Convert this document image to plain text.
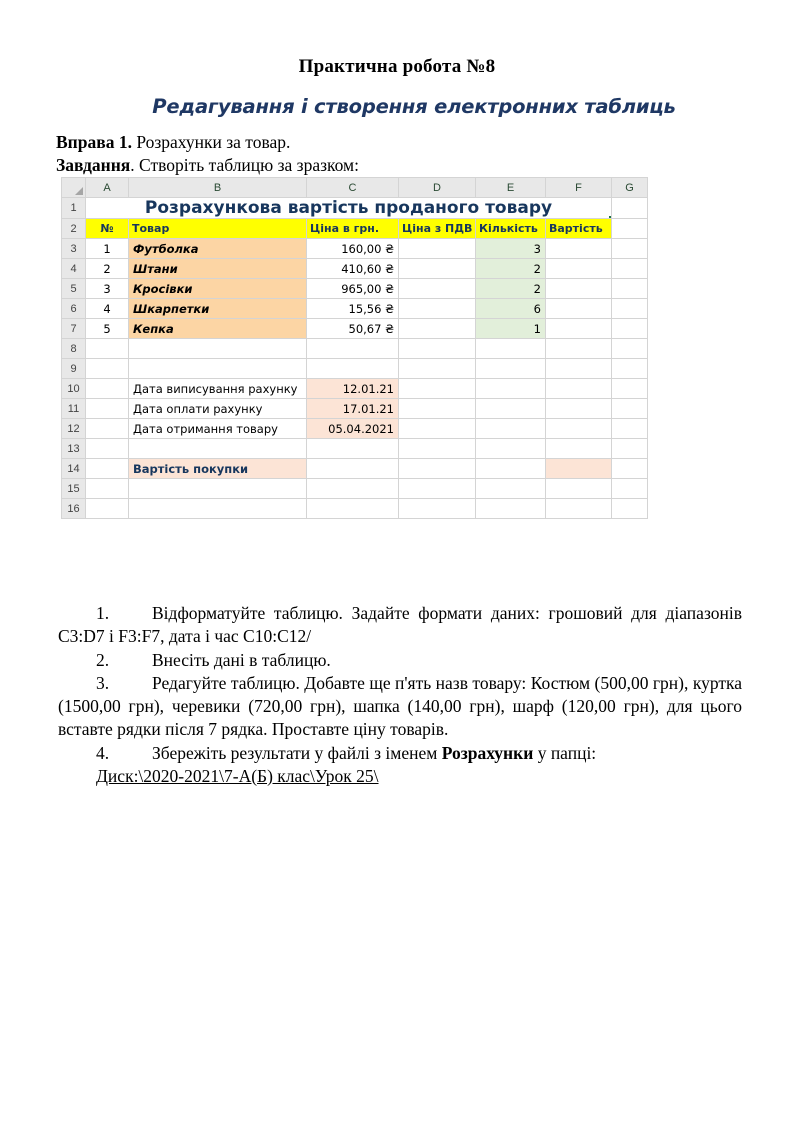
Практична робота №8
Редагування і створення електронних таблиць

Вправа 1. Розрахунки за товар.

Завдання. Створіть таблицю за зразком:

	A	B	C	D	E	F	G
1	Розрахункова вартість проданого товару						
2	№	Товар	Ціна в грн.	Ціна з ПДВ	Кількість	Вартість	
3	1	Футболка	160,00 ₴		3		
4	2	Штани	410,60 ₴		2		
5	3	Кросівки	965,00 ₴		2		
6	4	Шкарпетки	15,56 ₴		6		
7	5	Кепка	50,67 ₴		1		
8							
9							
10		Дата виписування рахунку	12.01.21				
11		Дата оплати рахунку	17.01.21				
12		Дата отримання товару	05.04.2021				
13							
14		Вартість покупки					
15							
16							

1. Відформатуйте таблицю. Задайте формати даних: грошовий для діапазонів C3:D7 і F3:F7, дата і час C10:C12/

2. Внесіть дані в таблицю.

3. Редагуйте таблицю. Добавте ще п'ять назв товару: Костюм (500,00 грн), куртка (1500,00 грн), черевики (720,00 грн), шапка (140,00 грн), шарф (120,00 грн), для цього вставте рядки після 7 рядка. Проставте ціну товарів.

4. Збережіть результати у файлі з іменем Розрахунки у папці:

Диск:\2020-2021\7-А(Б) клас\Урок 25\
